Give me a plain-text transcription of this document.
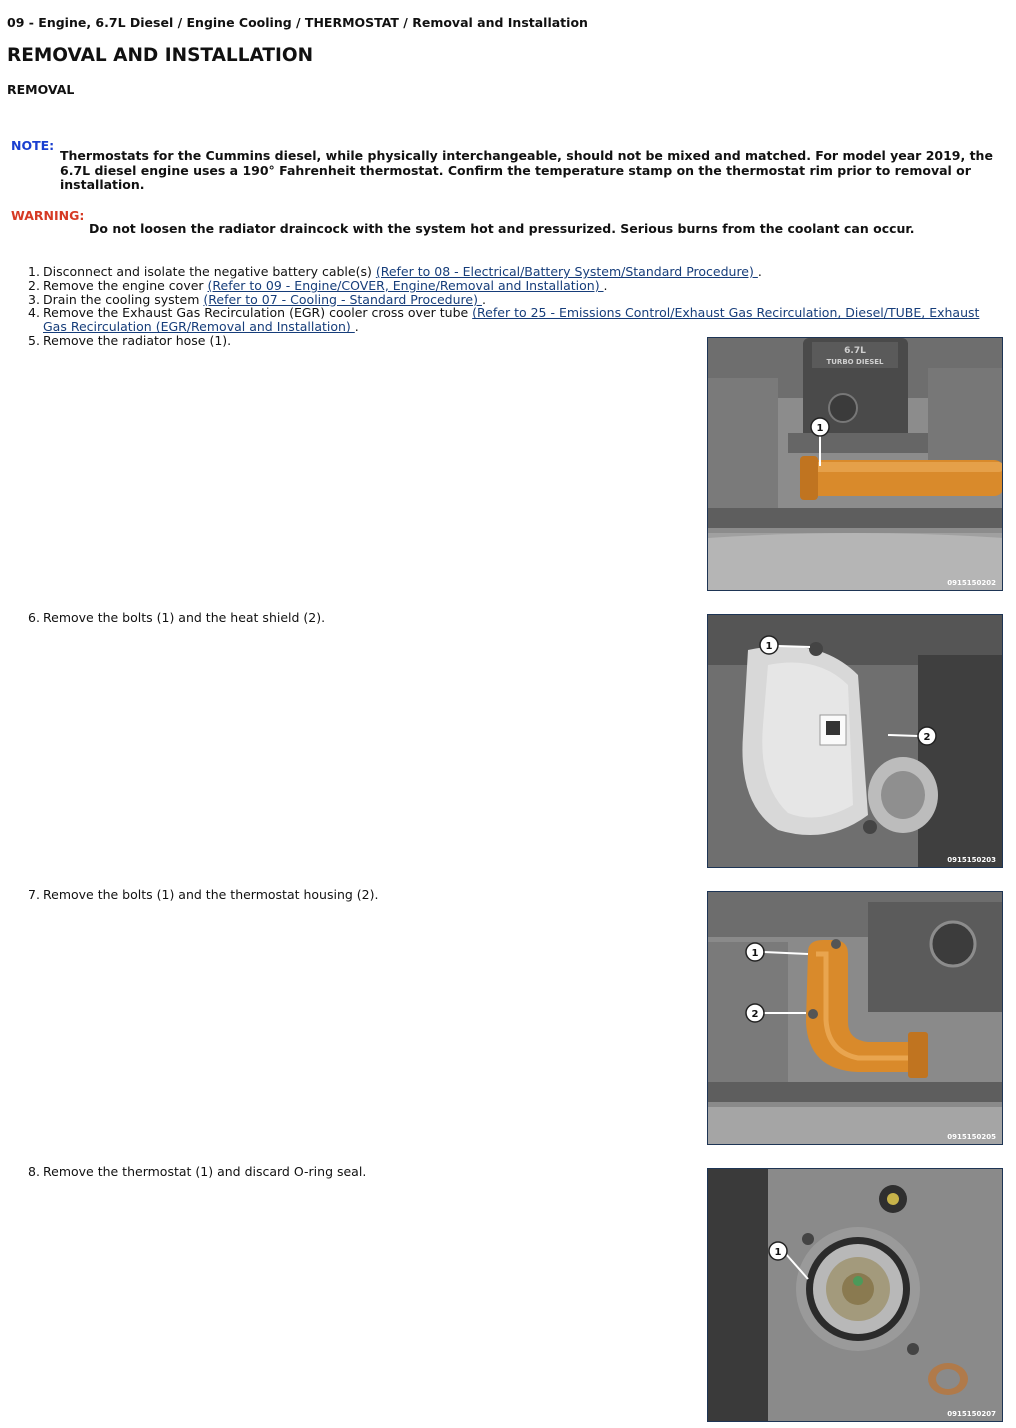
09 - Engine, 6.7L Diesel / Engine Cooling / THERMOSTAT / Removal and Installation
REMOVAL AND INSTALLATION
REMOVAL
NOTE:
Thermostats for the Cummins diesel, while physically interchangeable, should not be mixed and matched. For model year 2019, the 6.7L diesel engine uses a 190° Fahrenheit thermostat. Confirm the temperature stamp on the thermostat rim prior to removal or installation.
WARNING:
Do not loosen the radiator draincock with the system hot and pressurized. Serious burns from the coolant can occur.
1. Disconnect and isolate the negative battery cable(s) (Refer to 08 - Electrical/Battery System/Standard Procedure) .
2. Remove the engine cover (Refer to 09 - Engine/COVER, Engine/Removal and Installation) .
3. Drain the cooling system (Refer to 07 - Cooling - Standard Procedure) .
4. Remove the Exhaust Gas Recirculation (EGR) cooler cross over tube (Refer to 25 - Emissions Control/Exhaust Gas Recirculation, Diesel/TUBE, Exhaust Gas Recirculation (EGR/Removal and Installation) .
5. Remove the radiator hose (1).
6.7L
TURBO DIESEL
1
0915150202
6. Remove the bolts (1) and the heat shield (2).
1
2
0915150203
7. Remove the bolts (1) and the thermostat housing (2).
1
2
0915150205
8. Remove the thermostat (1) and discard O-ring seal.
1
0915150207
